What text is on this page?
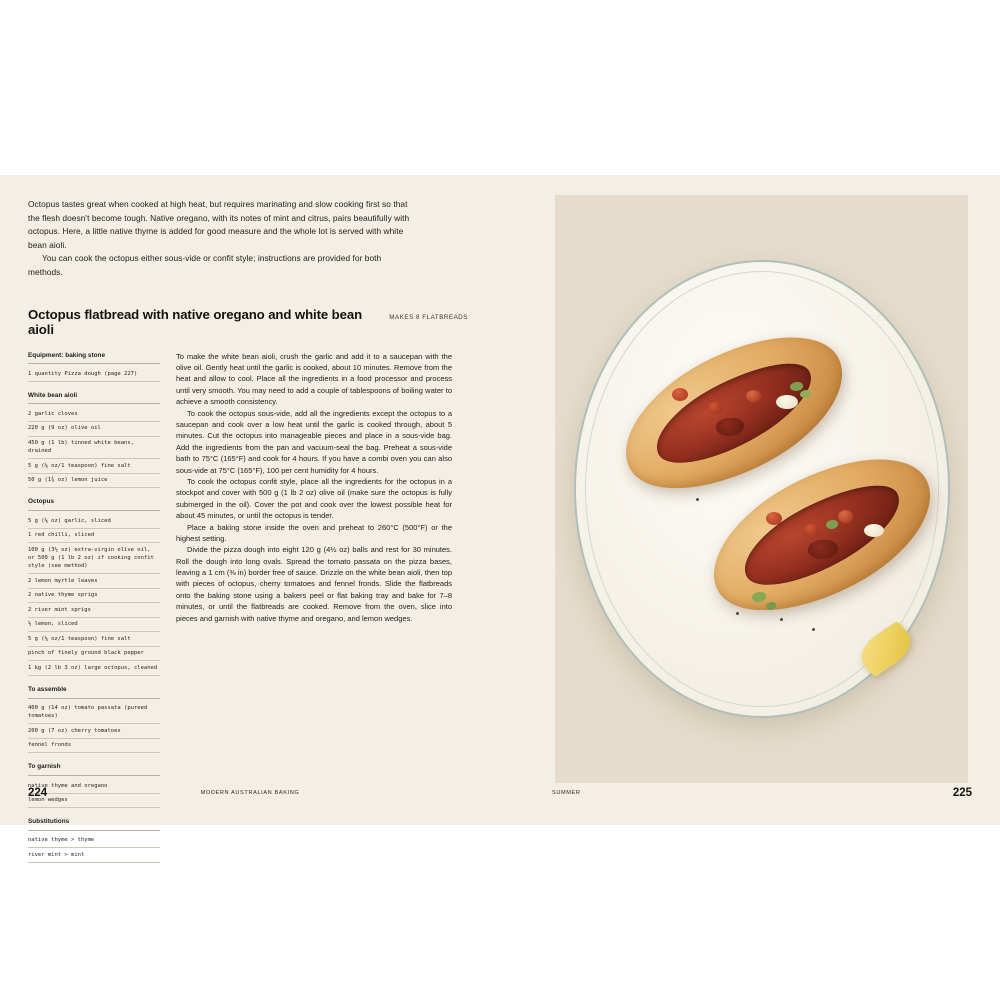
Octopus tastes great when cooked at high heat, but requires marinating and slow cooking first so that the flesh doesn't become tough. Native oregano, with its notes of mint and citrus, pairs beautifully with octopus. Here, a little native thyme is added for good measure and the whole lot is served with white bean aioli.

You can cook the octopus either sous-vide or confit style; instructions are provided for both methods.

Octopus flatbread with native oregano and white bean aioli
MAKES 8 FLATBREADS
Equipment: baking stone
1 quantity Pizza dough (page 227)
White bean aioli
2 garlic cloves
220 g (9 oz) olive oil
450 g (1 lb) tinned white beans, drained
5 g (⅛ oz/1 teaspoon) fine salt
50 g (1¾ oz) lemon juice
Octopus
5 g (⅛ oz) garlic, sliced
1 red chilli, sliced
100 g (3½ oz) extra-virgin olive oil, or 500 g (1 lb 2 oz) if cooking confit style (see method)
2 lemon myrtle leaves
2 native thyme sprigs
2 river mint sprigs
½ lemon, sliced
5 g (⅛ oz/1 teaspoon) fine salt
pinch of finely ground black pepper
1 kg (2 lb 3 oz) large octopus, cleaned
To assemble
400 g (14 oz) tomato passata (pureed tomatoes)
200 g (7 oz) cherry tomatoes
fennel fronds
To garnish
native thyme and oregano
lemon wedges
Substitutions
native thyme > thyme
river mint > mint

To make the white bean aioli, crush the garlic and add it to a saucepan with the olive oil. Gently heat until the garlic is cooked, about 10 minutes. Remove from the heat and allow to cool. Place all the ingredients in a food processor and process until very smooth. You may need to add a couple of tablespoons of boiling water to achieve a smooth consistency.

To cook the octopus sous-vide, add all the ingredients except the octopus to a saucepan and cook over a low heat until the garlic is cooked through, about 5 minutes. Cut the octopus into manageable pieces and place in a sous-vide bag. Add the ingredients from the pan and vacuum-seal the bag. Preheat a sous-vide bath to 75°C (165°F) and cook for 4 hours. If you have a combi oven you can also sous-vide at 75°C (165°F), 100 per cent humidity for 4 hours.

To cook the octopus confit style, place all the ingredients for the octopus in a stockpot and cover with 500 g (1 lb 2 oz) olive oil (make sure the octopus is fully submerged in the oil). Cover the pot and cook over the lowest possible heat for about 45 minutes, or until the octopus is tender.

Place a baking stone inside the oven and preheat to 260°C (500°F) or the highest setting.

Divide the pizza dough into eight 120 g (4½ oz) balls and rest for 30 minutes. Roll the dough into long ovals. Spread the tomato passata on the pizza bases, leaving a 1 cm (⅜ in) border free of sauce. Drizzle on the white bean aioli, then top with pieces of octopus, cherry tomatoes and fennel fronds. Slide the flatbreads onto the baking stone using a bakers peel or flat baking tray and bake for 7–8 minutes, or until the flatbreads are cooked. Remove from the oven, slice into pieces and garnish with native thyme and oregano, and lemon wedges.

224	MODERN AUSTRALIAN BAKING	225
SUMMER
